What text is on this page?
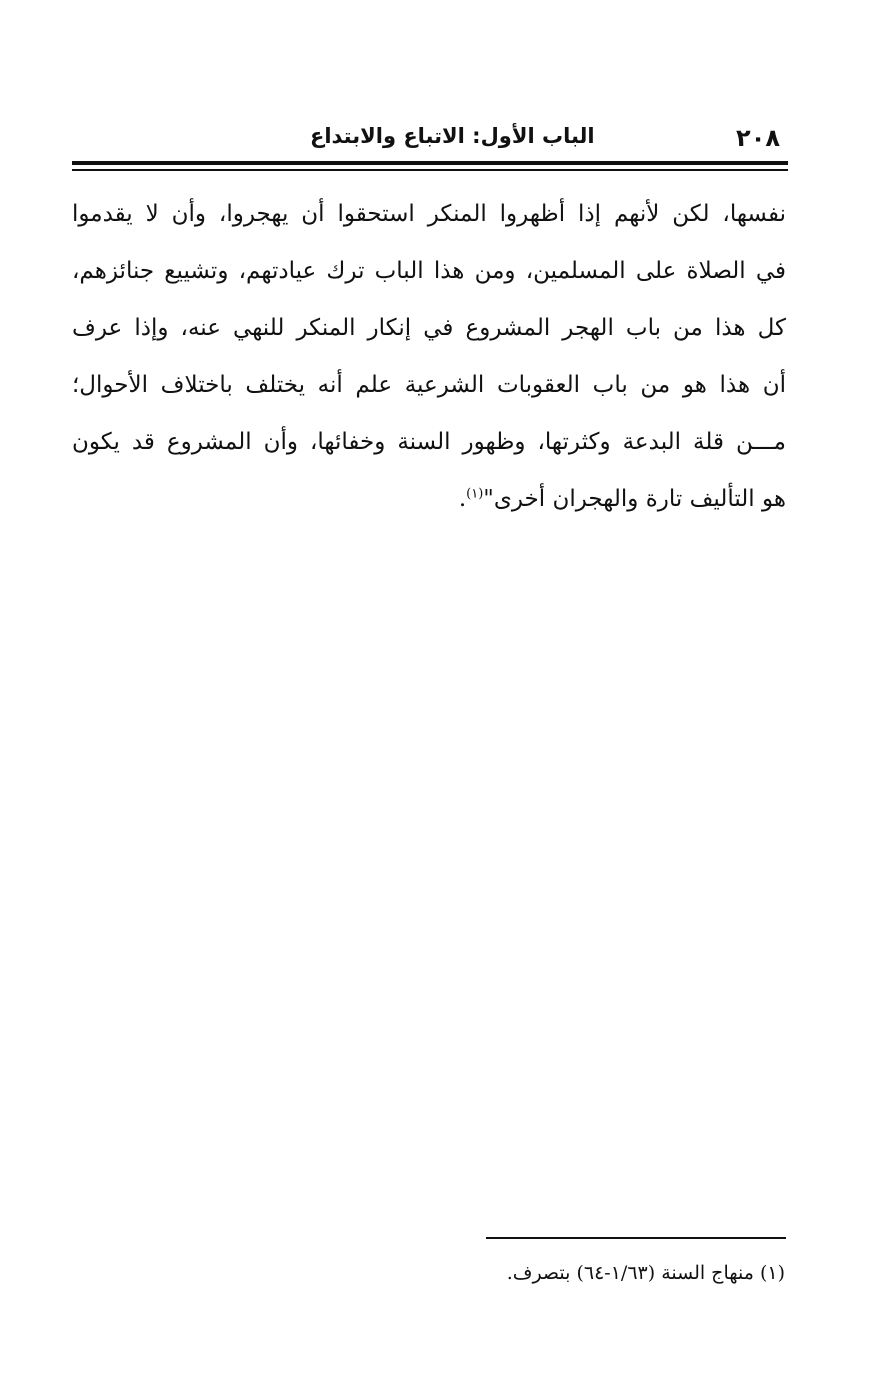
٢٠٨
الباب الأول: الاتباع والابتداع
نفسها، لكن لأنهم إذا أظهروا المنكر استحقوا أن يهجروا، وأن لا يقدموا
في الصلاة على المسلمين، ومن هذا الباب ترك عيادتهم، وتشييع جنائزهم،
كل هذا من باب الهجر المشروع في إنكار المنكر للنهي عنه، وإذا عرف
أن هذا هو من باب العقوبات الشرعية علم أنه يختلف باختلاف الأحوال؛
مـــن قلة البدعة وكثرتها، وظهور السنة وخفائها، وأن المشروع قد يكون
هو التأليف تارة والهجران أخرى"$^{(١)}$.
(١) منهاج السنة (١/٦٣-٦٤) بتصرف.
